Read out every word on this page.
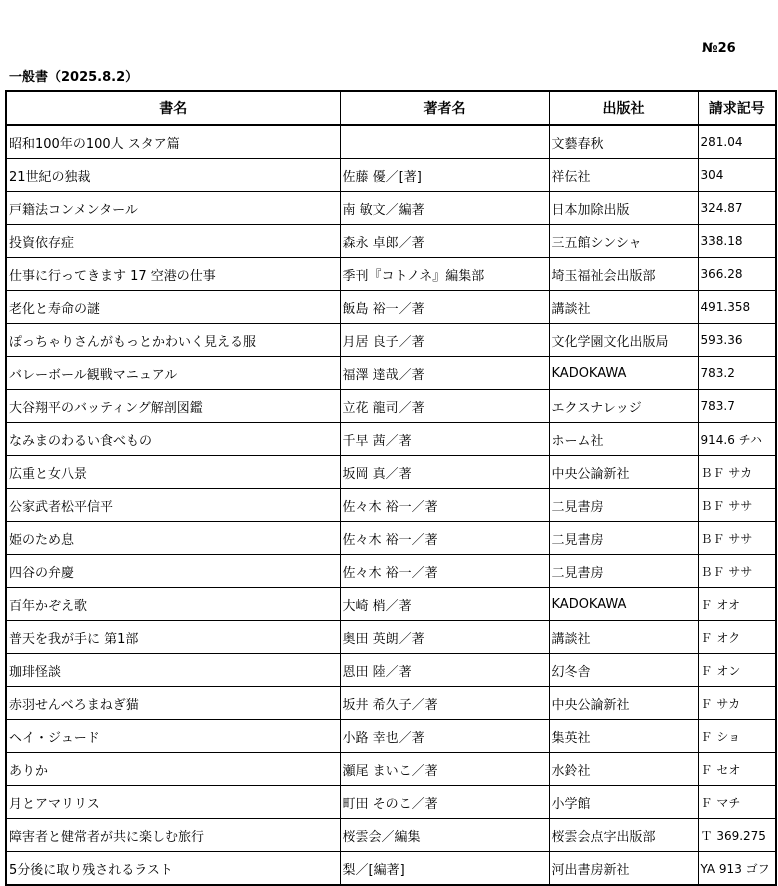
№26
一般書（2025.8.2）
書名	著者名	出版社	請求記号
昭和100年の100人 スタア篇		文藝春秋	281.04
21世紀の独裁	佐藤 優／[著]	祥伝社	304
戸籍法コンメンタール	南 敏文／編著	日本加除出版	324.87
投資依存症	森永 卓郎／著	三五館シンシャ	338.18
仕事に行ってきます 17 空港の仕事	季刊『コトノネ』編集部	埼玉福祉会出版部	366.28
老化と寿命の謎	飯島 裕一／著	講談社	491.358
ぽっちゃりさんがもっとかわいく見える服	月居 良子／著	文化学園文化出版局	593.36
バレーボール観戦マニュアル	福澤 達哉／著	KADOKAWA	783.2
大谷翔平のバッティング解剖図鑑	立花 龍司／著	エクスナレッジ	783.7
なみまのわるい食べもの	千早 茜／著	ホーム社	914.6 チハ
広重と女八景	坂岡 真／著	中央公論新社	ＢＦ サカ
公家武者松平信平	佐々木 裕一／著	二見書房	ＢＦ ササ
姫のため息	佐々木 裕一／著	二見書房	ＢＦ ササ
四谷の弁慶	佐々木 裕一／著	二見書房	ＢＦ ササ
百年かぞえ歌	大崎 梢／著	KADOKAWA	Ｆ オオ
普天を我が手に 第1部	奥田 英朗／著	講談社	Ｆ オク
珈琲怪談	恩田 陸／著	幻冬舎	Ｆ オン
赤羽せんべろまねぎ猫	坂井 希久子／著	中央公論新社	Ｆ サカ
ヘイ・ジュード	小路 幸也／著	集英社	Ｆ ショ
ありか	瀬尾 まいこ／著	水鈴社	Ｆ セオ
月とアマリリス	町田 そのこ／著	小学館	Ｆ マチ
障害者と健常者が共に楽しむ旅行	桜雲会／編集	桜雲会点字出版部	Ｔ 369.275
5分後に取り残されるラスト	梨／[編著]	河出書房新社	YA 913 ゴフ
